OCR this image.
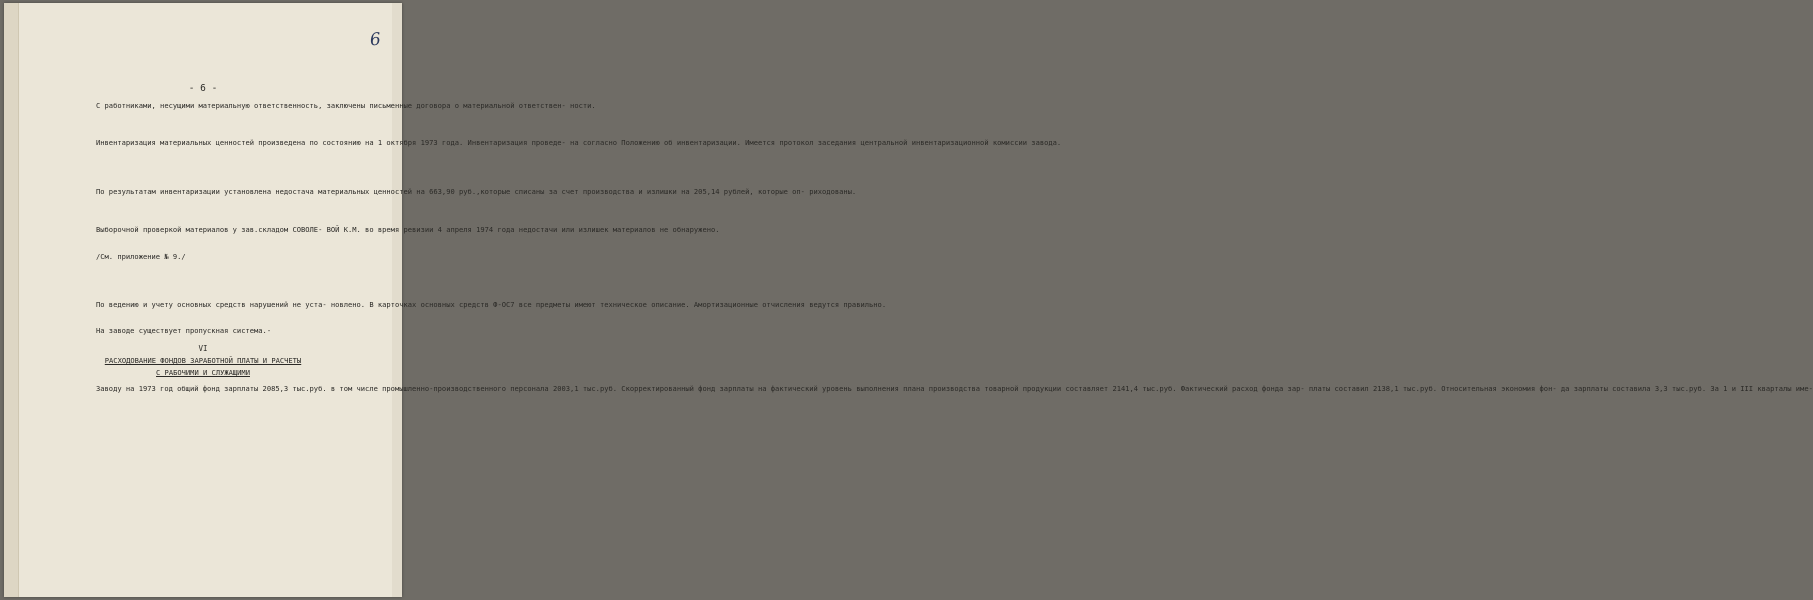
6
- 6 -
С работниками, несущими материальную ответственность, заключены письменные договора о материальной ответствен- ности.
Инвентаризация материальных ценностей произведена по состоянию на 1 октября 1973 года. Инвентаризация проведе- на согласно Положению об инвентаризации. Имеется протокол заседания центральной инвентаризационной комиссии завода.
По результатам инвентаризации установлена недостача материальных ценностей на 663,90 руб.,которые списаны за счет производства и излишки на 205,14 рублей, которые оп- риходованы.
Выборочной проверкой материалов у зав.складом СОВОЛЕ- ВОЙ К.М. во время ревизии 4 апреля 1974 года недостачи или излишек материалов не обнаружено.
/См. приложение № 9./
По ведению и учету основных средств нарушений не уста- новлено. В карточках основных средств Ф-ОС7 все предметы имеют техническое описание. Амортизационные отчисления ведутся правильно.
На заводе существует пропускная система.-
VI
РАСХОДОВАНИЕ ФОНДОВ ЗАРАБОТНОЙ ПЛАТЫ И РАСЧЕТЫ
С РАБОЧИМИ И СЛУЖАЩИМИ
Заводу на 1973 год общий фонд зарплаты 2085,3 тыс.руб. в том числе промышленно-производственного персонала 2003,1 тыс.руб. Скорректированный фонд зарплаты на фактический уровень выполнения плана производства товарной продукции составляет 2141,4 тыс.руб. Фактический расход фонда зар- платы составил 2138,1 тыс.руб. Относительная экономия фон- да зарплаты составила 3,3 тыс.руб. За 1 и III кварталы име-
